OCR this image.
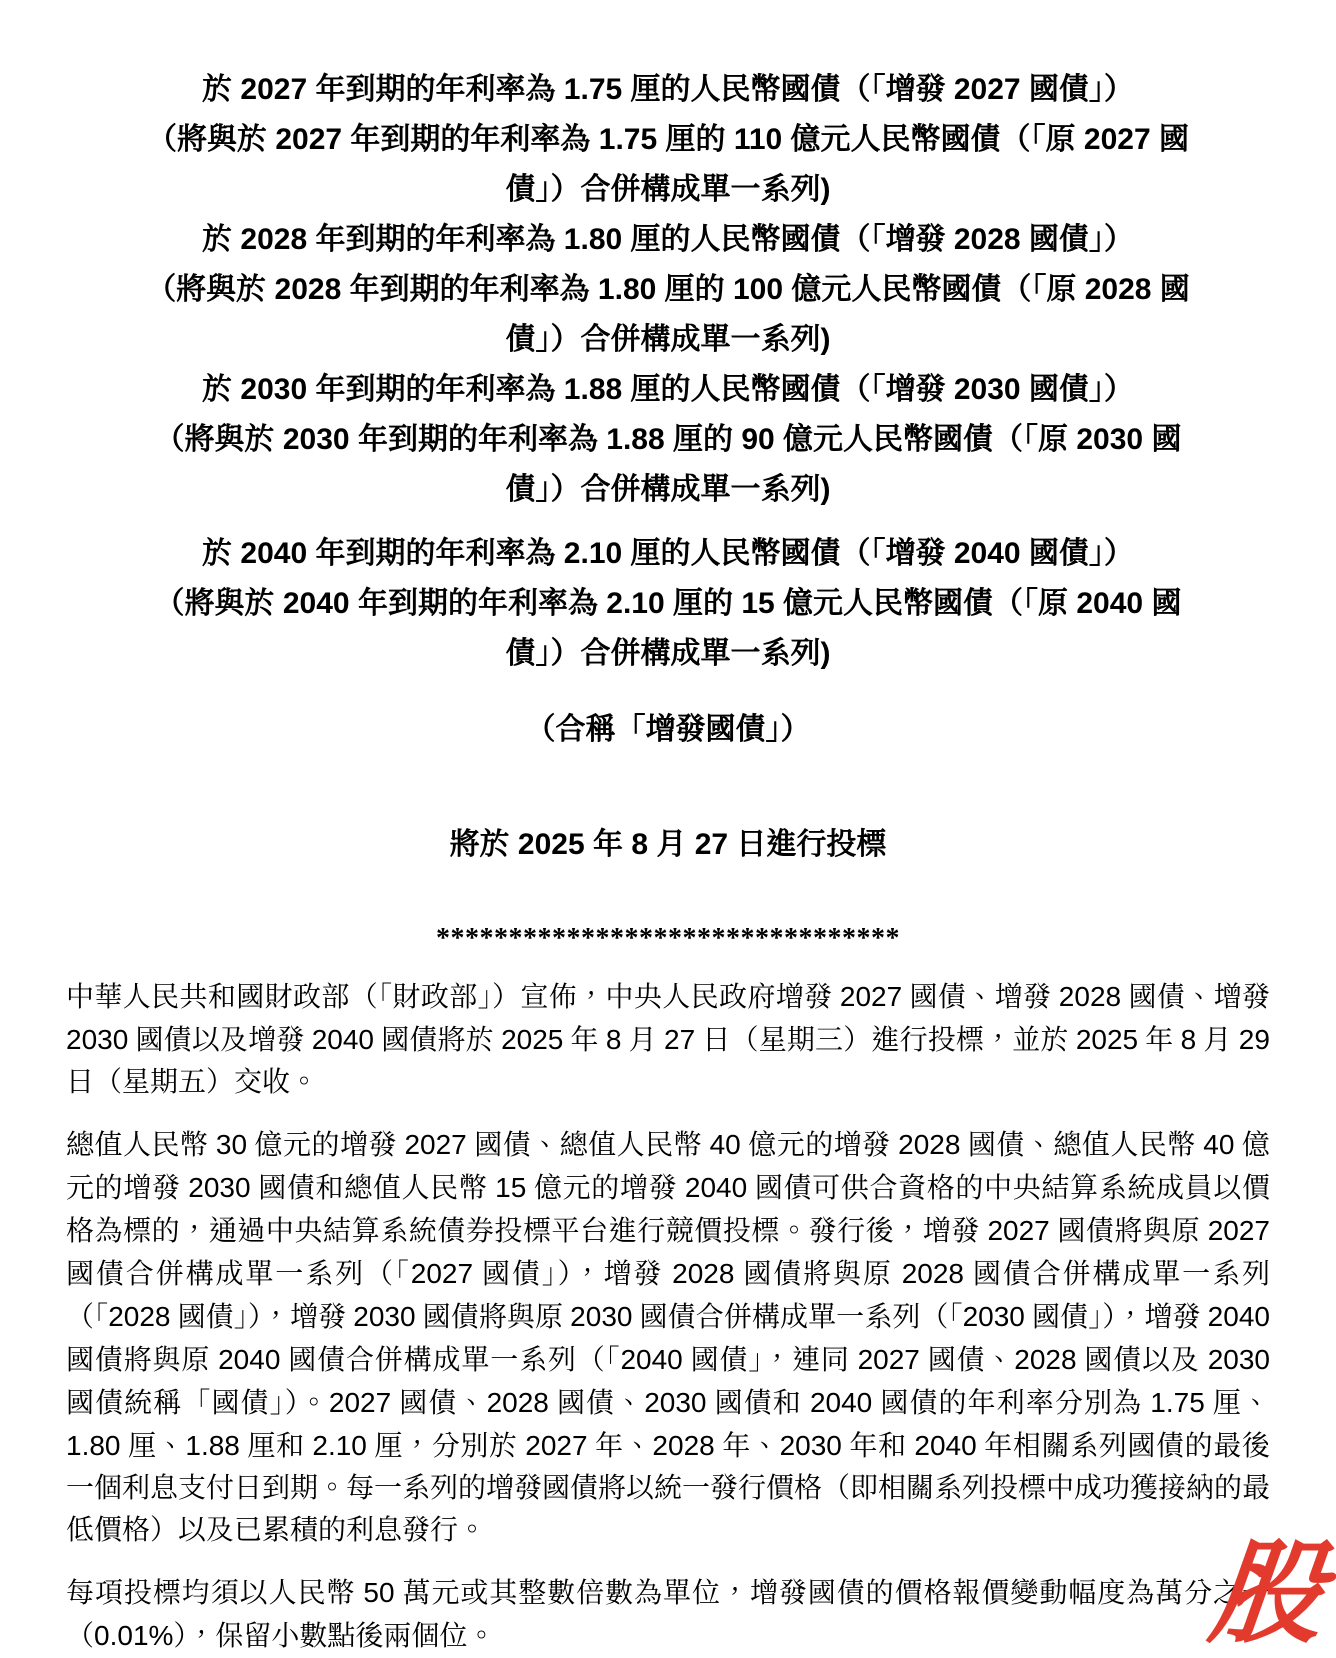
於 2027 年到期的年利率為 1.75 厘的人民幣國債（「增發 2027 國債」）
（將與於 2027 年到期的年利率為 1.75 厘的 110 億元人民幣國債（「原 2027 國
債」）合併構成單一系列)
於 2028 年到期的年利率為 1.80 厘的人民幣國債（「增發 2028 國債」）
（將與於 2028 年到期的年利率為 1.80 厘的 100 億元人民幣國債（「原 2028 國
債」）合併構成單一系列)
於 2030 年到期的年利率為 1.88 厘的人民幣國債（「增發 2030 國債」）
（將與於 2030 年到期的年利率為 1.88 厘的 90 億元人民幣國債（「原 2030 國
債」）合併構成單一系列)
於 2040 年到期的年利率為 2.10 厘的人民幣國債（「增發 2040 國債」）
（將與於 2040 年到期的年利率為 2.10 厘的 15 億元人民幣國債（「原 2040 國
債」）合併構成單一系列)
（合稱「增發國債」）
將於 2025 年 8 月 27 日進行投標
********************************

中華人民共和國財政部（「財政部」）宣佈，中央人民政府增發 2027 國債、增發 2028 國債、增發 2030 國債以及增發 2040 國債將於 2025 年 8 月 27 日（星期三）進行投標，並於 2025 年 8 月 29 日（星期五）交收。

總值人民幣 30 億元的增發 2027 國債、總值人民幣 40 億元的增發 2028 國債、總值人民幣 40 億元的增發 2030 國債和總值人民幣 15 億元的增發 2040 國債可供合資格的中央結算系統成員以價格為標的，通過中央結算系統債券投標平台進行競價投標。發行後，增發 2027 國債將與原 2027 國債合併構成單一系列（「2027 國債」），增發 2028 國債將與原 2028 國債合併構成單一系列（「2028 國債」），增發 2030 國債將與原 2030 國債合併構成單一系列（「2030 國債」），增發 2040 國債將與原 2040 國債合併構成單一系列（「2040 國債」，連同 2027 國債、2028 國債以及 2030 國債統稱「國債」）。2027 國債、2028 國債、2030 國債和 2040 國債的年利率分別為 1.75 厘、1.80 厘、1.88 厘和 2.10 厘，分別於 2027 年、2028 年、2030 年和 2040 年相關系列國債的最後一個利息支付日到期。每一系列的增發國債將以統一發行價格（即相關系列投標中成功獲接納的最低價格）以及已累積的利息發行。

每項投標均須以人民幣 50 萬元或其整數倍數為單位，增發國債的價格報價變動幅度為萬分之一（0.01%），保留小數點後兩個位。	股
